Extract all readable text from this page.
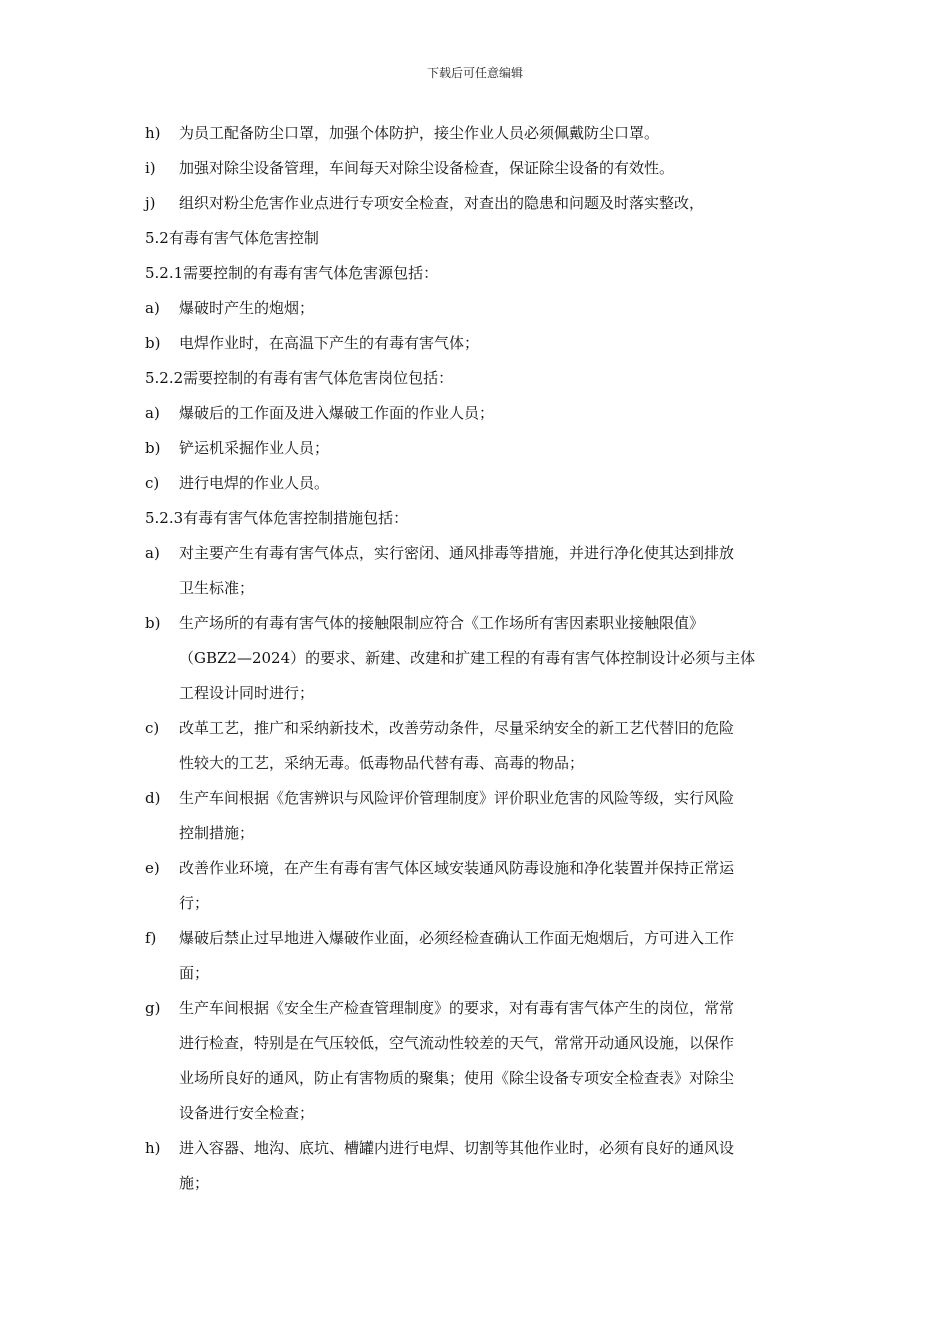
下载后可任意编辑
h) 为员工配备防尘口罩，加强个体防护，接尘作业人员必须佩戴防尘口罩。
i) 加强对除尘设备管理，车间每天对除尘设备检查，保证除尘设备的有效性。
j) 组织对粉尘危害作业点进行专项安全检查，对查出的隐患和问题及时落实整改，
5.2有毒有害气体危害控制
5.2.1需要控制的有毒有害气体危害源包括：
a) 爆破时产生的炮烟；
b) 电焊作业时，在高温下产生的有毒有害气体；
5.2.2需要控制的有毒有害气体危害岗位包括：
a) 爆破后的工作面及进入爆破工作面的作业人员；
b) 铲运机采掘作业人员；
c) 进行电焊的作业人员。
5.2.3有毒有害气体危害控制措施包括：
a) 对主要产生有毒有害气体点，实行密闭、通风排毒等措施，并进行净化使其达到排放
卫生标准；
b) 生产场所的有毒有害气体的接触限制应符合《工作场所有害因素职业接触限值》
（GBZ2—2024）的要求、新建、改建和扩建工程的有毒有害气体控制设计必须与主体
工程设计同时进行；
c) 改革工艺，推广和采纳新技术，改善劳动条件，尽量采纳安全的新工艺代替旧的危险
性较大的工艺，采纳无毒。低毒物品代替有毒、高毒的物品；
d) 生产车间根据《危害辨识与风险评价管理制度》评价职业危害的风险等级，实行风险
控制措施；
e) 改善作业环境，在产生有毒有害气体区域安装通风防毒设施和净化装置并保持正常运
行；
f) 爆破后禁止过早地进入爆破作业面，必须经检查确认工作面无炮烟后，方可进入工作
面；
g) 生产车间根据《安全生产检查管理制度》的要求，对有毒有害气体产生的岗位，常常
进行检查，特别是在气压较低，空气流动性较差的天气，常常开动通风设施，以保作
业场所良好的通风，防止有害物质的聚集；使用《除尘设备专项安全检查表》对除尘
设备进行安全检查；
h) 进入容器、地沟、底坑、槽罐内进行电焊、切割等其他作业时，必须有良好的通风设
施；
